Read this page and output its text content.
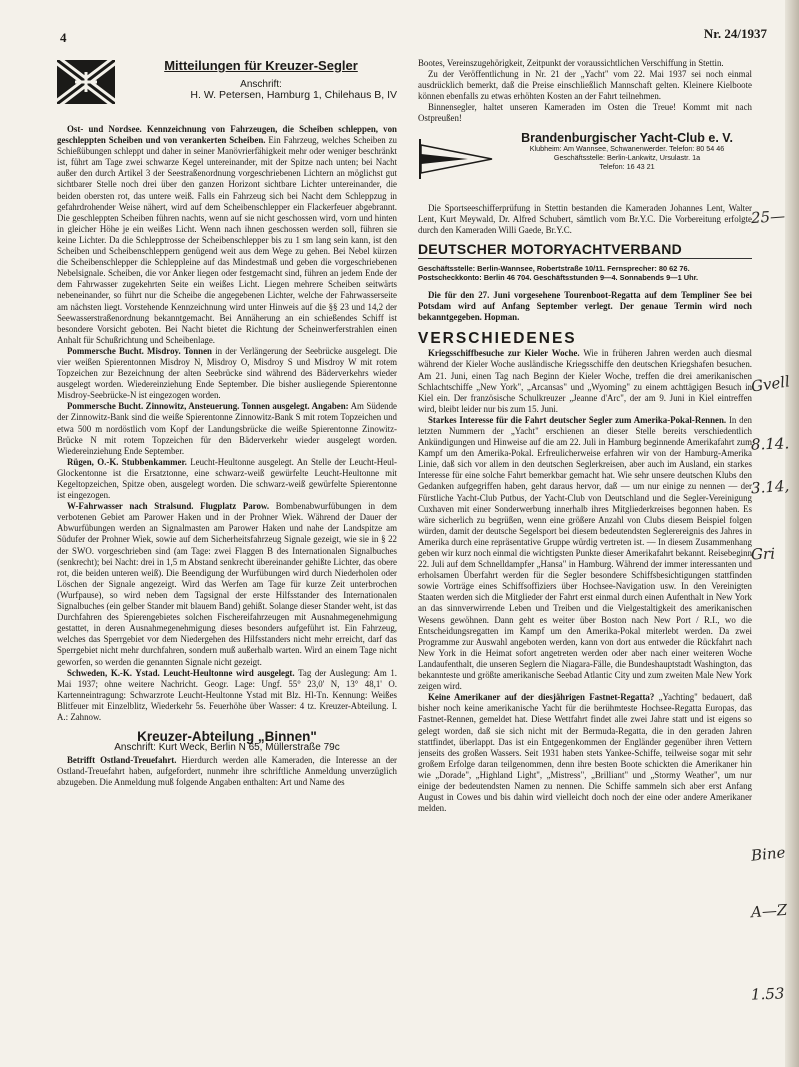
4	Nr. 24/1937
Mitteilungen für Kreuzer-Segler
Anschrift:
H. W. Petersen, Hamburg 1, Chilehaus B, IV

Ost- und Nordsee. Kennzeichnung von Fahrzeugen, die Scheiben schleppen, von geschleppten Scheiben und von verankerten Scheiben. Ein Fahrzeug, welches Scheiben zu Schießübungen schleppt und daher in seiner Manövrierfähigkeit mehr oder weniger beschränkt ist, führt am Tage zwei schwarze Kegel untereinander, mit der Spitze nach unten; bei Nacht außer den durch Artikel 3 der Seestraßenordnung vorgeschriebenen Lichtern an möglichst gut sichtbarer Stelle noch drei über den ganzen Horizont sichtbare Lichter untereinander, die beiden obersten rot, das untere weiß. Falls ein Fahrzeug sich bei Nacht dem Schleppzug in gefahrdrohender Weise nähert, wird auf dem Scheibenschlepper ein Flackerfeuer abgebrannt. Die geschleppten Scheiben führen nachts, wenn auf sie nicht geschossen wird, vorn und hinten in gleicher Höhe je ein weißes Licht. Wenn nach ihnen geschossen werden soll, führen sie keine Lichter. Da die Schlepptrosse der Scheibenschlepper bis zu 1 sm lang sein kann, ist den Scheiben und Scheibenschleppern genügend weit aus dem Wege zu gehen. Bei Nebel kürzen die Scheibenschlepper die Schleppleine auf das Mindestmaß und geben die vorgeschriebenen Nebelsignale. Scheiben, die vor Anker liegen oder festgemacht sind, führen an jedem Ende der dem Fahrwasser zugekehrten Seite ein weißes Licht. Liegen mehrere Scheiben seitwärts nebeneinander, so führt nur die Scheibe die angegebenen Lichter, welche der Fahrwasserseite am nächsten liegt. Vorstehende Kennzeichnung wird unter Hinweis auf die §§ 23 und 14,2 der Seewasserstraßenordnung bekanntgemacht. Bei Annäherung an ein schießendes Schiff ist besondere Vorsicht geboten. Bei Nacht bietet die Richtung der Scheinwerferstrahlen einen Anhalt für Schußrichtung und Scheibenlage.

Pommersche Bucht. Misdroy. Tonnen in der Verlängerung der Seebrücke ausgelegt. Die vier weißen Spierentonnen Misdroy N, Misdroy O, Misdroy S und Misdroy W mit rotem Topzeichen zur Bezeichnung der alten Seebrücke sind während des Bäderverkehrs wieder ausgelegt worden. Wiedereinziehung Ende September. Die bisher ausliegende Spierentonne Misdroy-Seebrücke-N ist eingezogen worden.

Pommersche Bucht. Zinnowitz, Ansteuerung. Tonnen ausgelegt. Angaben: Am Südende der Zinnowitz-Bank sind die weiße Spierentonne Zinnowitz-Bank S mit rotem Topzeichen und etwa 500 m nordöstlich vom Kopf der Landungsbrücke die weiße Spierentonne Zinowitz-Brücke N mit rotem Topzeichen für den Bäderverkehr wieder ausgelegt worden. Wiedereinziehung Ende September.

Rügen, O.-K. Stubbenkammer. Leucht-Heultonne ausgelegt. An Stelle der Leucht-Heul-Glockentonne ist die Ersatztonne, eine schwarz-weiß gewürfelte Leucht-Heultonne mit Kegeltopzeichen, Spitze oben, ausgelegt worden. Die schwarz-weiß gewürfelte Spierentonne ist eingezogen.

W-Fahrwasser nach Stralsund. Flugplatz Parow. Bombenabwurfübungen in dem verbotenen Gebiet am Parower Haken und in der Prohner Wiek. Während der Dauer der Abwurfübungen werden an Signalmasten am Parower Haken und nahe der Landspitze am Südufer der Prohner Wiek, sowie auf dem Sicherheitsfahrzeug Signale gezeigt, wie sie in § 22 der SWO. vorgeschrieben sind (am Tage: zwei Flaggen B des Internationalen Signalbuches (senkrecht); bei Nacht: drei in 1,5 m Abstand senkrecht übereinander gehißte Lichter, das obere rot, die beiden unteren weiß). Die Beendigung der Wurfübungen wird durch Niederholen oder Löschen der Signale angezeigt. Wird das Werfen am Tage für kurze Zeit unterbrochen (Wurfpause), so wird neben dem Tagsignal der erste Hilfsstander des Internationalen Signalbuches (ein gelber Stander mit blauem Band) gehißt. Solange dieser Stander weht, ist das Durchfahren des Spierengebietes solchen Fischereifahrzeugen mit Ausnahmegenehmigung gestattet, in deren Ausnahmegenehmigung dieses besonders aufgeführt ist. Ein Fahrzeug, welches das Sperrgebiet vor dem Niedergehen des Hilfsstanders nicht mehr erreicht, darf das Sperrgebiet nicht mehr durchfahren, sondern muß außerhalb warten. Wird an einem Tage nicht geworfen, so werden die genannten Signale nicht gezeigt.

Schweden, K.-K. Ystad. Leucht-Heultonne wird ausgelegt. Tag der Auslegung: Am 1. Mai 1937; ohne weitere Nachricht. Geogr. Lage: Ungf. 55° 23,0' N, 13° 48,1' O. Kartenneintragung: Schwarzrote Leucht-Heultonne Ystad mit Blz. Hl-Tn. Kennung: Weißes Blitfeuer mit Einzelblitz, Wiederkehr 5s. Feuerhöhe über Wasser: 4 tz. Kreuzer-Abteilung. I. A.: Zahnow.

Kreuzer-Abteilung „Binnen"
Anschrift: Kurt Weck, Berlin N 65, Müllerstraße 79c

Betrifft Ostland-Treuefahrt. Hierdurch werden alle Kameraden, die Interesse an der Ostland-Treuefahrt haben, aufgefordert, nunmehr ihre schriftliche Anmeldung unverzüglich abzugeben. Die Anmeldung muß folgende Angaben enthalten: Art und Name des

Bootes, Vereinszugehörigkeit, Zeitpunkt der voraussichtlichen Verschiffung in Stettin.

Zu der Veröffentlichung in Nr. 21 der „Yacht" vom 22. Mai 1937 sei noch einmal ausdrücklich bemerkt, daß die Preise einschließlich Mannschaft gelten. Kleinere Kielboote können ebenfalls zu etwas erhöhten Kosten an der Fahrt teilnehmen.

Binnensegler, haltet unseren Kameraden im Osten die Treue! Kommt mit nach Ostpreußen!

Brandenburgischer Yacht-Club e. V.
Klubheim: Am Wannsee, Schwanenwerder. Telefon: 80 54 46
Geschäftsstelle: Berlin-Lankwitz, Ursulastr. 1a
Telefon: 16 43 21

Die Sportseeschifferprüfung in Stettin bestanden die Kameraden Johannes Lent, Walter Lent, Kurt Meywald, Dr. Alfred Schubert, sämtlich vom Br.Y.C. Die Vorbereitung erfolgte durch den Kameraden Willi Gaede, Br.Y.C.

DEUTSCHER MOTORYACHTVERBAND
Geschäftsstelle: Berlin-Wannsee, Robertstraße 10/11. Fernsprecher: 80 62 76.
Postscheckkonto: Berlin 46 704. Geschäftsstunden 9—4. Sonnabends 9—1 Uhr.

Die für den 27. Juni vorgesehene Tourenboot-Regatta auf dem Templiner See bei Potsdam wird auf Anfang September verlegt. Der genaue Termin wird noch bekanntgegeben. Hopman.

VERSCHIEDENES

Kriegsschiffbesuche zur Kieler Woche. Wie in früheren Jahren werden auch diesmal während der Kieler Woche ausländische Kriegsschiffe den deutschen Kriegshafen besuchen. Am 21. Juni, einen Tag nach Beginn der Kieler Woche, treffen die drei amerikanischen Schlachtschiffe „New York", „Arcansas" und „Wyoming" zu einem achttägigen Besuch in Kiel ein. Der französische Schulkreuzer „Jeanne d'Arc", der am 9. Juni in Kiel eintreffen wird, bleibt leider nur bis zum 15. Juni.

Starkes Interesse für die Fahrt deutscher Segler zum Amerika-Pokal-Rennen. In den letzten Nummern der „Yacht" erschienen an dieser Stelle bereits verschiedentlich Ankündigungen und Hinweise auf die am 22. Juli in Hamburg beginnende Amerikafahrt zum Kampf um den Amerika-Pokal. Erfreulicherweise erfahren wir von der Hamburg-Amerika Linie, daß sich vor allem in den deutschen Seglerkreisen, aber auch im Ausland, ein starkes Interesse für eine solche Fahrt bemerkbar gemacht hat. Wie sehr unsere deutschen Klubs den Gedanken aufgegriffen haben, geht daraus hervor, daß — um nur einige zu nennen — der Fürstliche Yacht-Club Putbus, der Yacht-Club von Deutschland und die Segler-Vereinigung Cuxhaven mit einer Sonderwerbung innerhalb ihres Mitgliederkreises begonnen haben. Es wäre sicherlich zu begrüßen, wenn eine größere Anzahl von Clubs diesem Beispiel folgen würden, damit der deutsche Segelsport bei diesem bedeutendsten Seglerereignis des Jahres in Amerika durch eine repräsentative Gruppe würdig vertreten ist. — In diesem Zusammenhang geben wir kurz noch einmal die wichtigsten Punkte dieser Amerikafahrt bekannt. Reisebeginn 22. Juli auf dem Schnelldampfer „Hansa" in Hamburg. Während der immer interessanten und erholsamen Überfahrt werden für die Segler besondere Schiffsbesichtigungen stattfinden sowie Vorträge eines Schiffsoffiziers über Hochsee-Navigation usw. In den Vereinigten Staaten werden sich die Mitglieder der Fahrt erst einmal durch einen Aufenthalt in New York an das sinnverwirrende Leben und Treiben und die Vielgestaltigkeit des amerikanischen Wesens gewöhnen. Dann geht es weiter über Boston nach New Port / R.I., wo die Entscheidungsregatten im Kampf um den Amerika-Pokal miterlebt werden. Da zwei Programme zur Auswahl angeboten werden, kann von dort aus entweder die Rückfahrt nach New York in die Heimat sofort angetreten werden oder aber nach einer weiteren Woche Landaufenthalt, die unseren Seglern die Niagara-Fälle, die Bundeshauptstadt Washington, das bekannteste und größte amerikanische Seebad Atlantic City und zum zweiten Male New York zeigen wird.

Keine Amerikaner auf der diesjährigen Fastnet-Regatta? „Yachting" bedauert, daß bisher noch keine amerikanische Yacht für die berühmteste Hochsee-Regatta Europas, das Fastnet-Rennen, gemeldet hat. Diese Wettfahrt findet alle zwei Jahre statt und ist eigens so gelegt worden, daß sie sich nicht mit der Bermuda-Regatta, die in den geraden Jahren stattfindet, überlappt. Das ist ein Entgegenkommen der Engländer gegenüber ihren Vettern jenseits des großen Wassers. Seit 1931 haben stets Yankee-Schiffe, teilweise sogar mit sehr großem Erfolge daran teilgenommen, denn ihre besten Boote schickten die Amerikaner hin wie „Dorade", „Highland Light", „Mistress", „Brilliant" und „Stormy Weather", um nur einige der bedeutendsten Namen zu nennen. Die Schiffe sammeln sich aber erst Anfang August in Cowes und bis dahin wird vielleicht doch noch der eine oder andere Amerikaner melden.

25—
Gvell
8.14.
3.14,
Gri
Bine
A—Z
1.53
